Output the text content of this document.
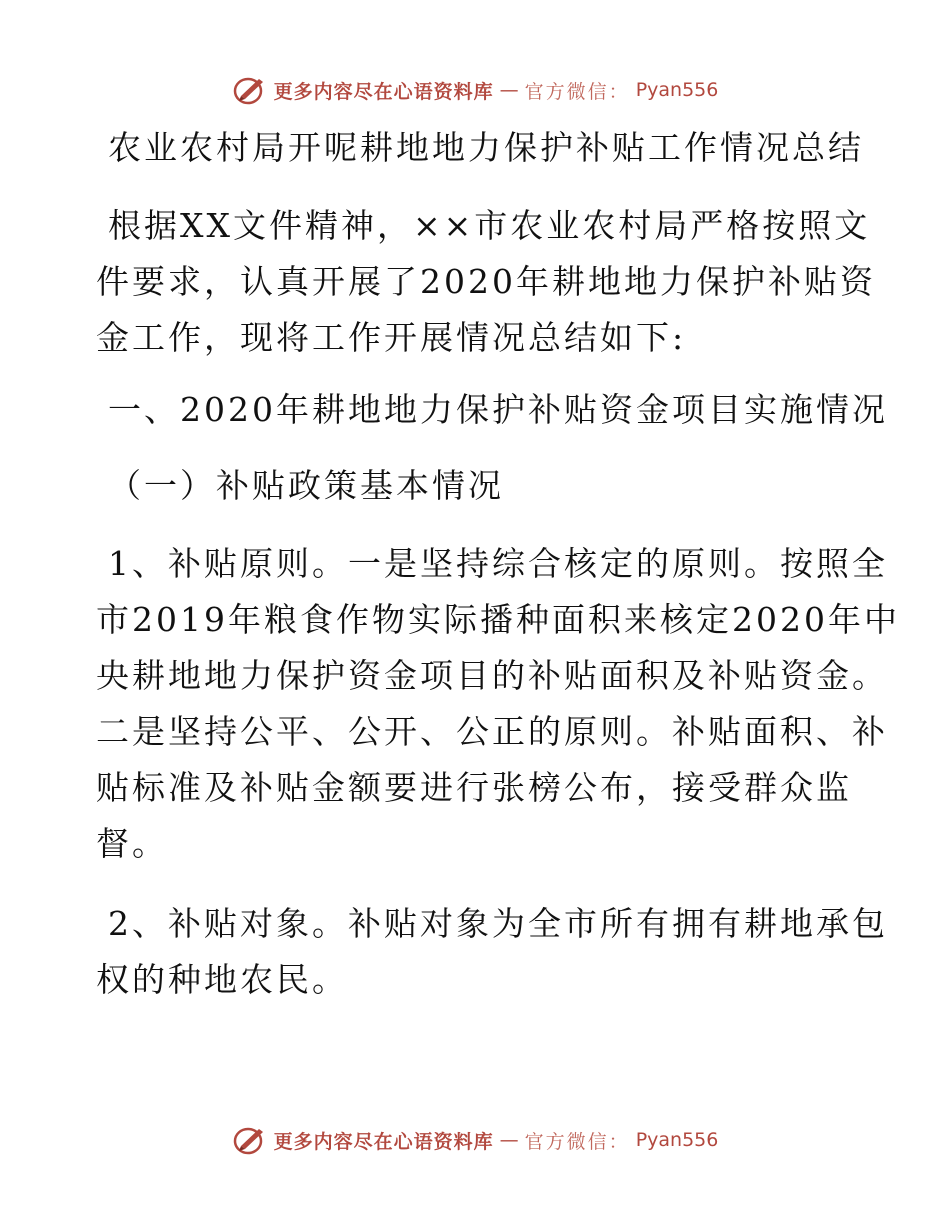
更多内容尽在心语资料库 — 官方微信： Pyan556

农业农村局开呢耕地地力保护补贴工作情况总结

根据XX文件精神，××市农业农村局严格按照文

件要求，认真开展了2020年耕地地力保护补贴资

金工作，现将工作开展情况总结如下:

一、2020年耕地地力保护补贴资金项目实施情况

（一）补贴政策基本情况

1、补贴原则。一是坚持综合核定的原则。按照全

市2019年粮食作物实际播种面积来核定2020年中

央耕地地力保护资金项目的补贴面积及补贴资金。

二是坚持公平、公开、公正的原则。补贴面积、补

贴标准及补贴金额要进行张榜公布，接受群众监

督。

2、补贴对象。补贴对象为全市所有拥有耕地承包

权的种地农民。

更多内容尽在心语资料库 — 官方微信： Pyan556
